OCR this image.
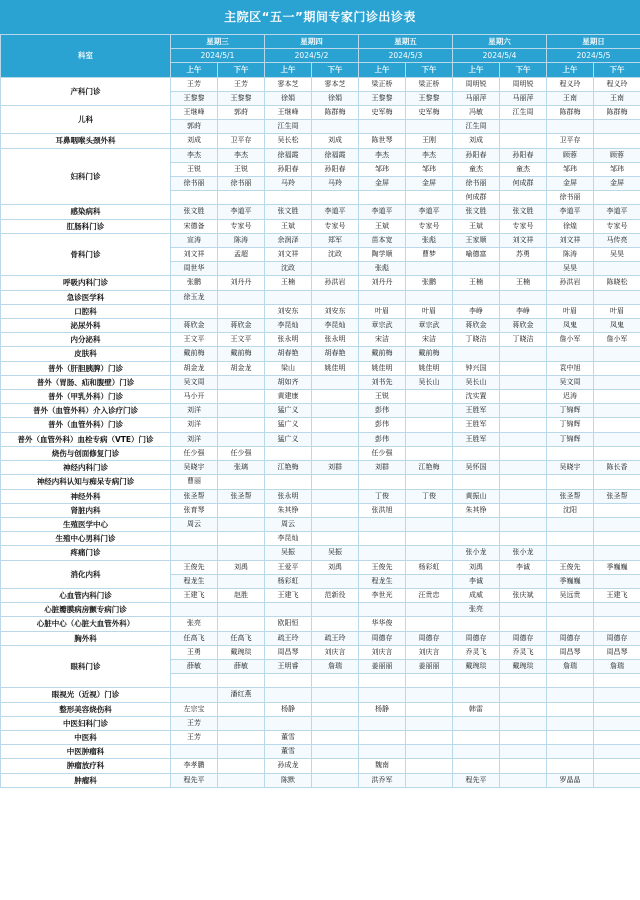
主院区“五一”期间专家门诊出诊表
科室	星期三		星期四		星期五		星期六		星期日	
	2024/5/1		2024/5/2		2024/5/3		2024/5/4		2024/5/5	
	上午	下午	上午	下午	上午	下午	上午	下午	上午	下午
产科门诊	王芳	王芳	寥本芝	寥本芝	梁正桥	梁正桥	周明锐	周明锐	程义玲	程义玲
	王黎黎	王黎黎	徐娟	徐娟	王黎黎	王黎黎	马丽萍	马丽萍	王南	王南
儿科	王继峰	郭莳	王继峰	陈群梅	史军梅	史军梅	冯敏	江生周	陈群梅	陈群梅
	郭莳		江生周				江生周			
耳鼻咽喉头颈外科	刘成	卫平存	吴长松	刘成	陈世琴	王刚	刘成		卫平存	
妇科门诊	李杰	李杰	徐福霞	徐福霞	李杰	李杰	孙阳春	孙阳春	顾蓉	顾蓉
	王锐	王锐	孙阳春	孙阳春	邹玮	邹玮	童杰	童杰	邹玮	邹玮
	徐书丽	徐书丽	马羚	马羚	金屏	金屏	徐书丽	何成群	金屏	金屏
							何成群		徐书丽	
感染病科	张文胜	李道平	张文胜	李道平	李道平	李道平	张文胜	张文胜	李道平	李道平
肛肠科门诊	宋德备	专家号	王斌	专家号	王斌	专家号	王斌	专家号	徐煌	专家号
骨科门诊	宣涛	陈涛	余润泽	郑军	苗本宽	张彪	王家顺	刘文祥	刘文祥	马传亮
	刘文祥	孟超	刘文祥	沈政	陶学顺	曹梦	喻德富	苏勇	陈涛	吴昊
	周世华		沈政		张彪				吴昊	
呼吸内科门诊	张鹏	刘丹丹	王楠	孙洪岩	刘丹丹	张鹏	王楠	王楠	孙洪岩	陈晓松
急诊医学科	徐玉龙									
口腔科			刘安东	刘安东	叶眉	叶眉	李峥	李峥	叶眉	叶眉
泌尿外科	蒋欣金	蒋欣金	李昆灿	李昆灿	章宗武	章宗武	蒋欣金	蒋欣金	凤鬼	凤鬼
内分泌科	王文平	王文平	张永明	张永明	宋洁	宋洁	丁晓洁	丁晓洁	詹小军	詹小军
皮肤科	戴前梅	戴前梅	胡春艳	胡春艳	戴前梅	戴前梅				
普外（肝胆胰脾）门诊	胡金龙	胡金龙	梁山	姚佳明	姚佳明	姚佳明	钟兴国		袁中旭	
普外（胃肠、疝和腹壁）门诊	吴文周		胡如齐		刘书先	吴长山	吴长山		吴文周	
普外（甲乳外科）门诊	马小开		黄建康		王锐		沈实置		迟涛	
普外（血管外科）介入诊疗门诊	刘洋		猛广义		彭伟		王胜军		丁锦辉	
普外（血管外科）门诊	刘洋		猛广义		彭伟		王胜军		丁锦辉	
普外（血管外科）血栓专病（VTE）门诊	刘洋		猛广义		彭伟		王胜军		丁锦辉	
烧伤与创面修复门诊	任少强	任少强			任少强					
神经内科门诊	吴晓宇	张璃	江艳梅	刘群	刘群	江艳梅	吴怀国		吴晓宇	陈长香
神经内科认知与痴呆专病门诊	曹丽									
神经外科	张圣帮	张圣帮	张永明		丁俊	丁俊	黄振山		张圣帮	张圣帮
肾脏内科	张育琴		朱其铮		张洪旭		朱其铮		沈阳	
生殖医学中心	周云		周云							
生殖中心男科门诊			李昆灿							
疼痛门诊			吴振	吴振			张小龙	张小龙		
消化内科	王俊先	刘禹	王爱平	刘禹	王俊先	杨彩虹	刘禹	李诚	王俊先	季巍巍
	程龙生		杨彩虹		程龙生		李诚		季巍巍	
心血管内科门诊	王建飞	赵胜	王建飞	范新役	李世光	汪贵忠	成威	张庆斌	吴远贵	王建飞
心脏瓣膜病房颤专病门诊							张亮			
心脏中心（心脏大血管外科）	张亮		欧阳恒		华华俊					
胸外科	任高飞	任高飞	疏王玲	疏王玲	周德存	周德存	周德存	周德存	周德存	周德存
眼科门诊	王勇	戴琬琰	周昌琴	刘庆言	刘庆言	刘庆言	乔灵飞	乔灵飞	周昌琴	周昌琴
	薛敏	薛敏	王明睿	詹瑞	姜丽丽	姜丽丽	戴琬琰	戴琬琰	詹瑞	詹瑞

眼视光（近视）门诊		潘红燕								
整形美容烧伤科	左宗宝		杨静		杨静		韩雷			
中医妇科门诊	王芳									
中医科	王芳		董雪							
中医肿瘤科			董雪							
肿瘤放疗科	李孝鹏		孙成龙		魏南					
肿瘤科	程先平		陈默		洪乔军		程先平		罗晶晶	
